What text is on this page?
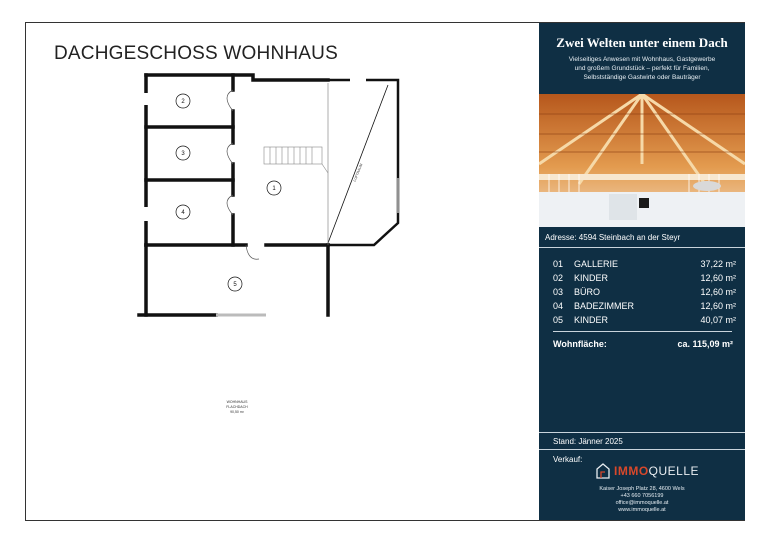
DACHGESCHOSS WOHNHAUS
2
3
4
1
5
LUFTRAUM
WOHNHAUS
FLACHDACH
90,50 m²
Zwei Welten unter einem Dach
Vielseitiges Anwesen mit Wohnhaus, Gastgewerbe
und großem Grundstück – perfekt für Familien,
Selbstständige Gastwirte oder Bauträger
Adresse: 4594 Steinbach an der Steyr
01	GALLERIE	37,22 m²
02	KINDER	12,60 m²
03	BÜRO	12,60 m²
04	BADEZIMMER	12,60 m²
05	KINDER	40,07 m²
Wohnfläche:	ca. 115,09 m²
Stand: Jänner 2025
Verkauf:
IMMOQUELLE
Kaiser Joseph Platz 28, 4600 Wels
+43 660 7056199
office@immoquelle.at
www.immoquelle.at
